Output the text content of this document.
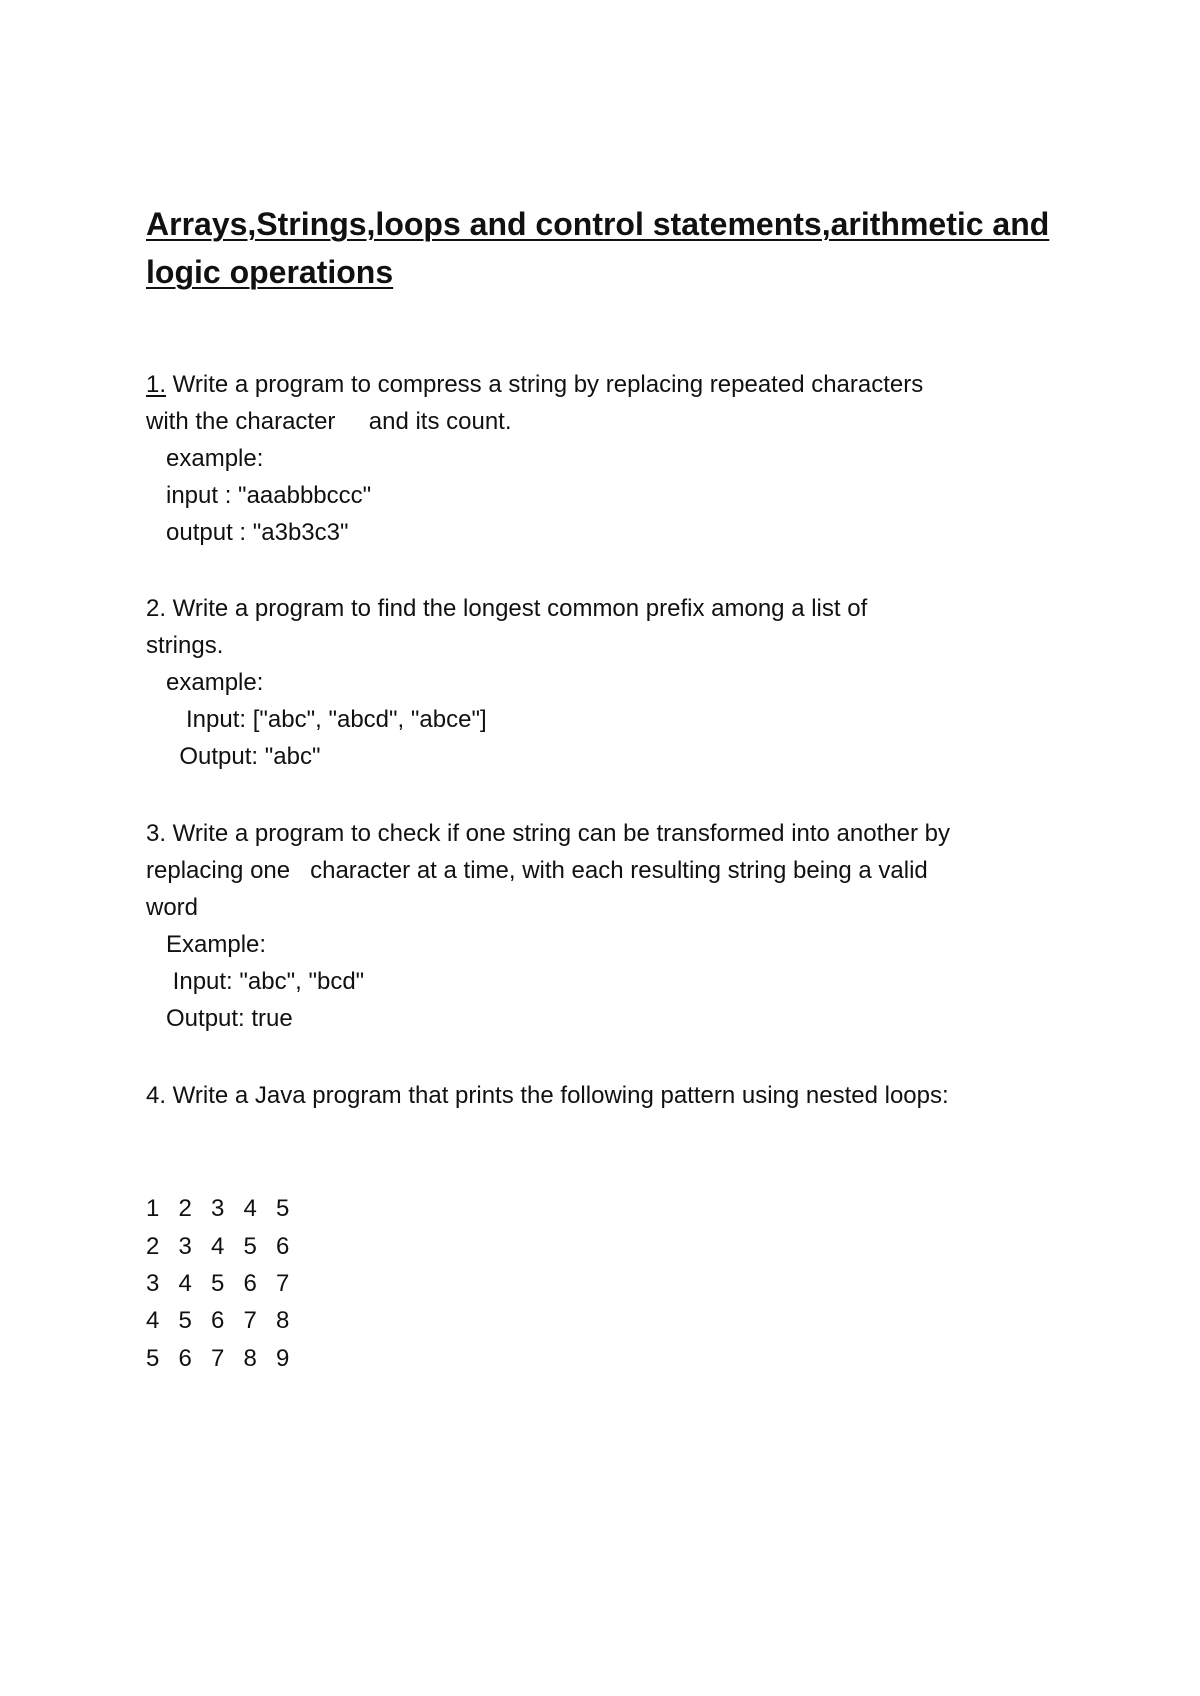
Arrays,Strings,loops and control statements,arithmetic and logic operations

1. Write a program to compress a string by replacing repeated characters

with the character     and its count.

example:

input : "aaabbbccc"

output : "a3b3c3"

2. Write a program to find the longest common prefix among a list of

strings.

example:

Input: ["abc", "abcd", "abce"]

Output: "abc"

3. Write a program to check if one string can be transformed into another by

replacing one   character at a time, with each resulting string being a valid

word

Example:

Input: "abc", "bcd"

Output: true

4. Write a Java program that prints the following pattern using nested loops:

1 2 3 4 5
2 3 4 5 6
3 4 5 6 7
4 5 6 7 8
5 6 7 8 9
